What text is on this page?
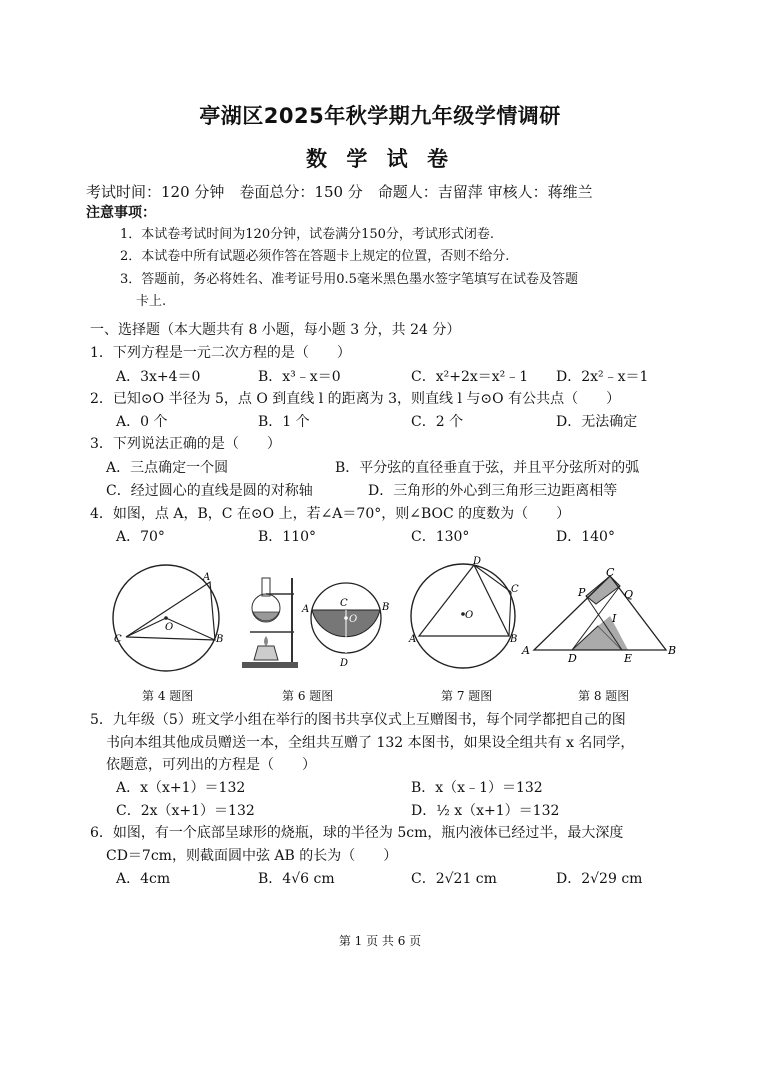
亭湖区2025年秋学期九年级学情调研
数 学 试 卷
考试时间：120 分钟　卷面总分：150 分　命题人：吉留萍 审核人：蒋维兰
注意事项：
1．本试卷考试时间为120分钟，试卷满分150分，考试形式闭卷.
2．本试卷中所有试题必须作答在答题卡上规定的位置，否则不给分.
3．答题前，务必将姓名、准考证号用0.5毫米黑色墨水签字笔填写在试卷及答题
卡上.
一、选择题（本大题共有 8 小题，每小题 3 分，共 24 分）
1．下列方程是一元二次方程的是（　　）
A．3x+4＝0	B．x³﹣x＝0	C．x²+2x＝x²﹣1 D．2x²﹣x＝1
2．已知⊙O 半径为 5，点 O 到直线 l 的距离为 3，则直线 l 与⊙O 有公共点（　　）
A．0 个	B．1 个	C．2 个	D．无法确定
3．下列说法正确的是（　　）
A．三点确定一个圆	B．平分弦的直径垂直于弦，并且平分弦所对的弧
C．经过圆心的直线是圆的对称轴	D．三角形的外心到三角形三边距离相等
4．如图，点 A，B，C 在⊙O 上，若∠A＝70°，则∠BOC 的度数为（　　）
A．70°	B．110°	C．130°	D．140°
A
B
C
O
第 4 题图
A	B
C
O
D
第 6 题图
D
C
A	B
O
第 7 题图
C
P	Q
I
A
D	E
B
第 8 题图
5．九年级（5）班文学小组在举行的图书共享仪式上互赠图书，每个同学都把自己的图
书向本组其他成员赠送一本，全组共互赠了 132 本图书，如果设全组共有 x 名同学，
依题意，可列出的方程是（　　）
A．x（x+1）＝132	B．x（x﹣1）＝132
C．2x（x+1）＝132	D．½ x（x+1）＝132
6．如图，有一个底部呈球形的烧瓶，球的半径为 5cm，瓶内液体已经过半，最大深度
CD＝7cm，则截面圆中弦 AB 的长为（　　）
A．4cm	B．4√6 cm	C．2√21 cm	D．2√29 cm
第 1 页 共 6 页
